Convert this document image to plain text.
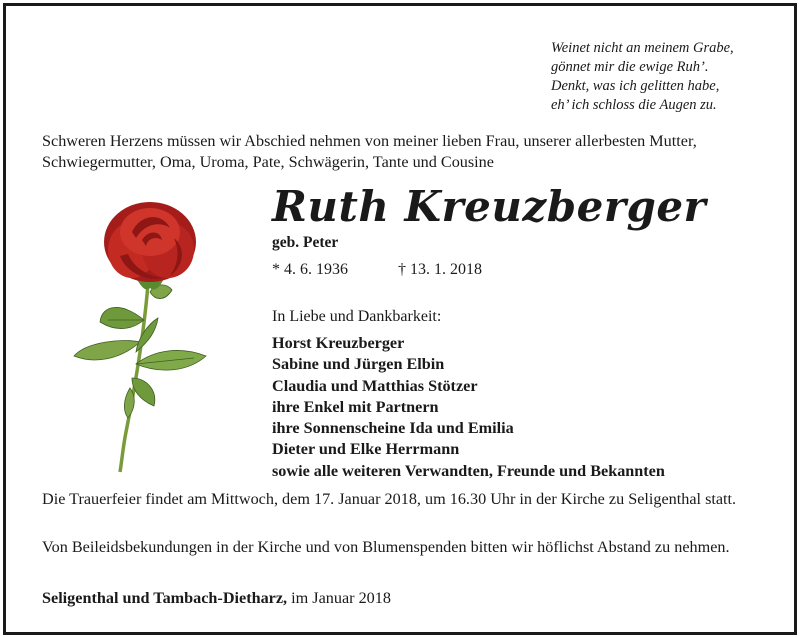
Weinet nicht an meinem Grabe,
gönnet mir die ewige Ruh’.
Denkt, was ich gelitten habe,
eh’ ich schloss die Augen zu.
Schweren Herzens müssen wir Abschied nehmen von meiner lieben Frau, unserer allerbesten Mutter,
Schwiegermutter, Oma, Uroma, Pate, Schwägerin, Tante und Cousine
Ruth Kreuzberger
geb. Peter
* 4. 6. 1936	† 13. 1. 2018
In Liebe und Dankbarkeit:
Horst Kreuzberger
Sabine und Jürgen Elbin
Claudia und Matthias Stötzer
ihre Enkel mit Partnern
ihre Sonnenscheine Ida und Emilia
Dieter und Elke Herrmann
sowie alle weiteren Verwandten, Freunde und Bekannten
Die Trauerfeier findet am Mittwoch, dem 17. Januar 2018, um 16.30 Uhr in der Kirche zu Seligenthal statt.
Von Beileidsbekundungen in der Kirche und von Blumenspenden bitten wir höflichst Abstand zu nehmen.
Seligenthal und Tambach-Dietharz, im Januar 2018
